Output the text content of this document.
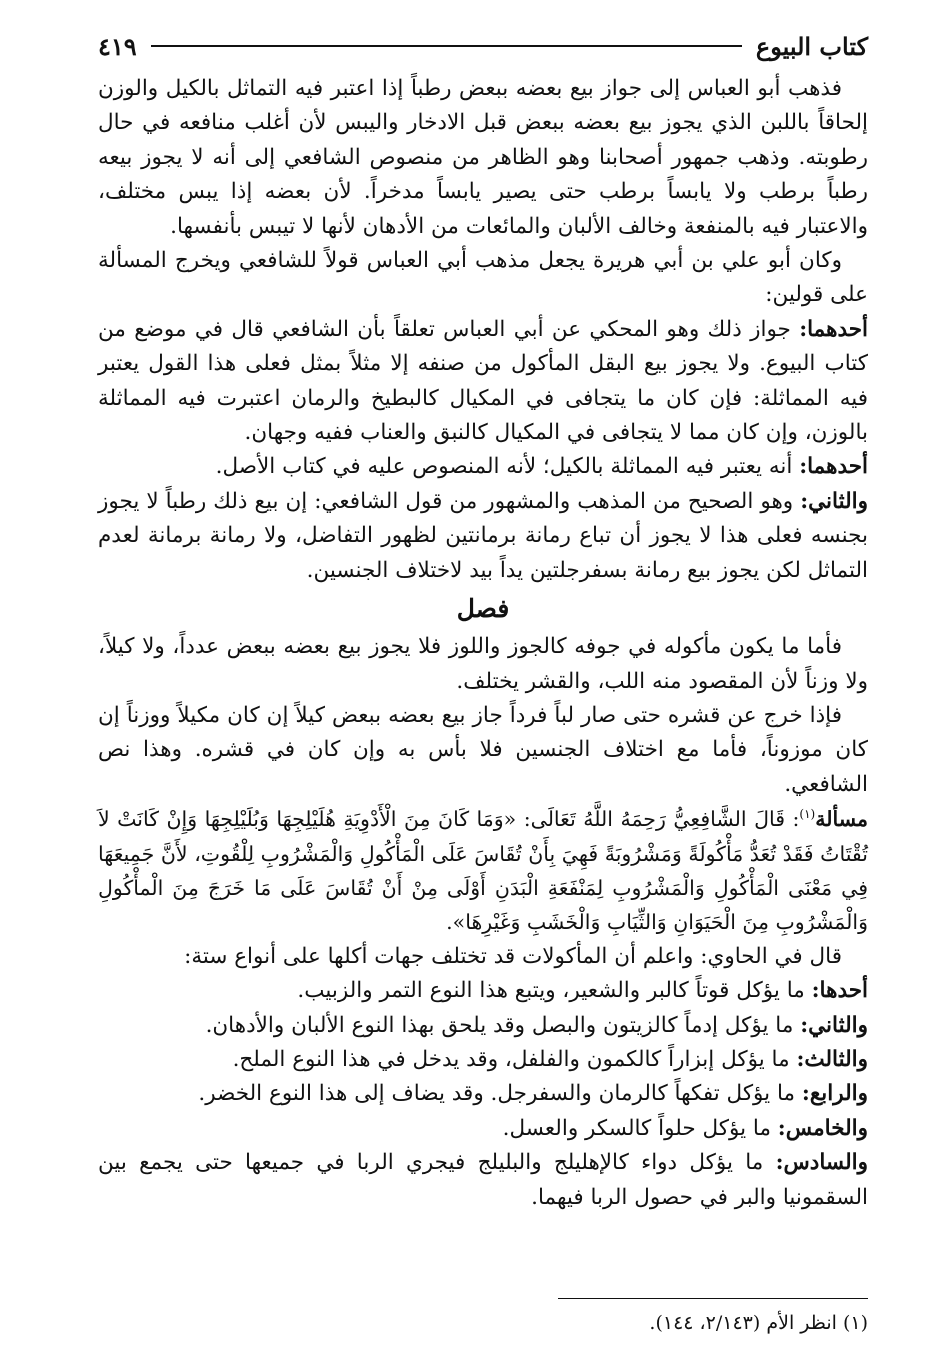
كتاب البيوع
٤١٩

فذهب أبو العباس إلى جواز بيع بعضه ببعض رطباً إذا اعتبر فيه التماثل بالكيل والوزن إلحاقاً باللبن الذي يجوز بيع بعضه ببعض قبل الادخار واليبس لأن أغلب منافعه في حال رطوبته. وذهب جمهور أصحابنا وهو الظاهر من منصوص الشافعي إلى أنه لا يجوز بيعه رطباً برطب ولا يابساً برطب حتى يصير يابساً مدخراً. لأن بعضه إذا يبس مختلف، والاعتبار فيه بالمنفعة وخالف الألبان والمائعات من الأدهان لأنها لا تيبس بأنفسها.

وكان أبو علي بن أبي هريرة يجعل مذهب أبي العباس قولاً للشافعي ويخرج المسألة على قولين:

أحدهما: جواز ذلك وهو المحكي عن أبي العباس تعلقاً بأن الشافعي قال في موضع من كتاب البيوع. ولا يجوز بيع البقل المأكول من صنفه إلا مثلاً بمثل فعلى هذا القول يعتبر فيه المماثلة: فإن كان ما يتجافى في المكيال كالبطيخ والرمان اعتبرت فيه المماثلة بالوزن، وإن كان مما لا يتجافى في المكيال كالنبق والعناب ففيه وجهان.

أحدهما: أنه يعتبر فيه المماثلة بالكيل؛ لأنه المنصوص عليه في كتاب الأصل.

والثاني: وهو الصحيح من المذهب والمشهور من قول الشافعي: إن بيع ذلك رطباً لا يجوز بجنسه فعلى هذا لا يجوز أن تباع رمانة برمانتين لظهور التفاضل، ولا رمانة برمانة لعدم التماثل لكن يجوز بيع رمانة بسفرجلتين يداً بيد لاختلاف الجنسين.

فصل

فأما ما يكون مأكوله في جوفه كالجوز واللوز فلا يجوز بيع بعضه ببعض عدداً، ولا كيلاً، ولا وزناً لأن المقصود منه اللب، والقشر يختلف.

فإذا خرج عن قشره حتى صار لباً فرداً جاز بيع بعضه ببعض كيلاً إن كان مكيلاً ووزناً إن كان موزوناً، فأما مع اختلاف الجنسين فلا بأس به وإن كان في قشره. وهذا نص الشافعي.

مسألة$^{(١)}$: قَالَ الشَّافِعِيُّ رَحِمَهُ اللَّهُ تَعَالَى: «وَمَا كَانَ مِنَ الْأَدْوِيَةِ هُلَيْلِجِهَا وَبُلَيْلِجِهَا وَإِنْ كَانَتْ لاَ تُقْتَاتُ فَقَدْ تُعَدُّ مَأْكُولَةً وَمَشْرُوبَةً فَهِيَ بِأَنْ تُقَاسَ عَلَى الْمَأْكُولِ وَالْمَشْرُوبِ لِلْقُوتِ، لأَنَّ جَمِيعَهَا فِي مَعْنَى الْمَأْكُولِ وَالْمَشْرُوبِ لِمَنْفَعَةِ الْبَدَنِ أَوْلَى مِنْ أَنْ تُقَاسَ عَلَى مَا خَرَجَ مِنَ الْمأْكُولِ وَالْمَشْرُوبِ مِنَ الْحَيَوَانِ وَالثِّيَابِ وَالْخَشَبِ وَغَيْرِهَا».

قال في الحاوي: واعلم أن المأكولات قد تختلف جهات أكلها على أنواع ستة:

أحدها: ما يؤكل قوتاً كالبر والشعير، ويتبع هذا النوع التمر والزبيب.

والثاني: ما يؤكل إدماً كالزيتون والبصل وقد يلحق بهذا النوع الألبان والأدهان.

والثالث: ما يؤكل إبزاراً كالكمون والفلفل، وقد يدخل في هذا النوع الملح.

والرابع: ما يؤكل تفكهاً كالرمان والسفرجل. وقد يضاف إلى هذا النوع الخضر.

والخامس: ما يؤكل حلواً كالسكر والعسل.

والسادس: ما يؤكل دواء كالإهليلج والبليلج فيجري الربا في جميعها حتى يجمع بين السقمونيا والبر في حصول الربا فيهما.

(١) انظر الأم (٢/١٤٣، ١٤٤).
